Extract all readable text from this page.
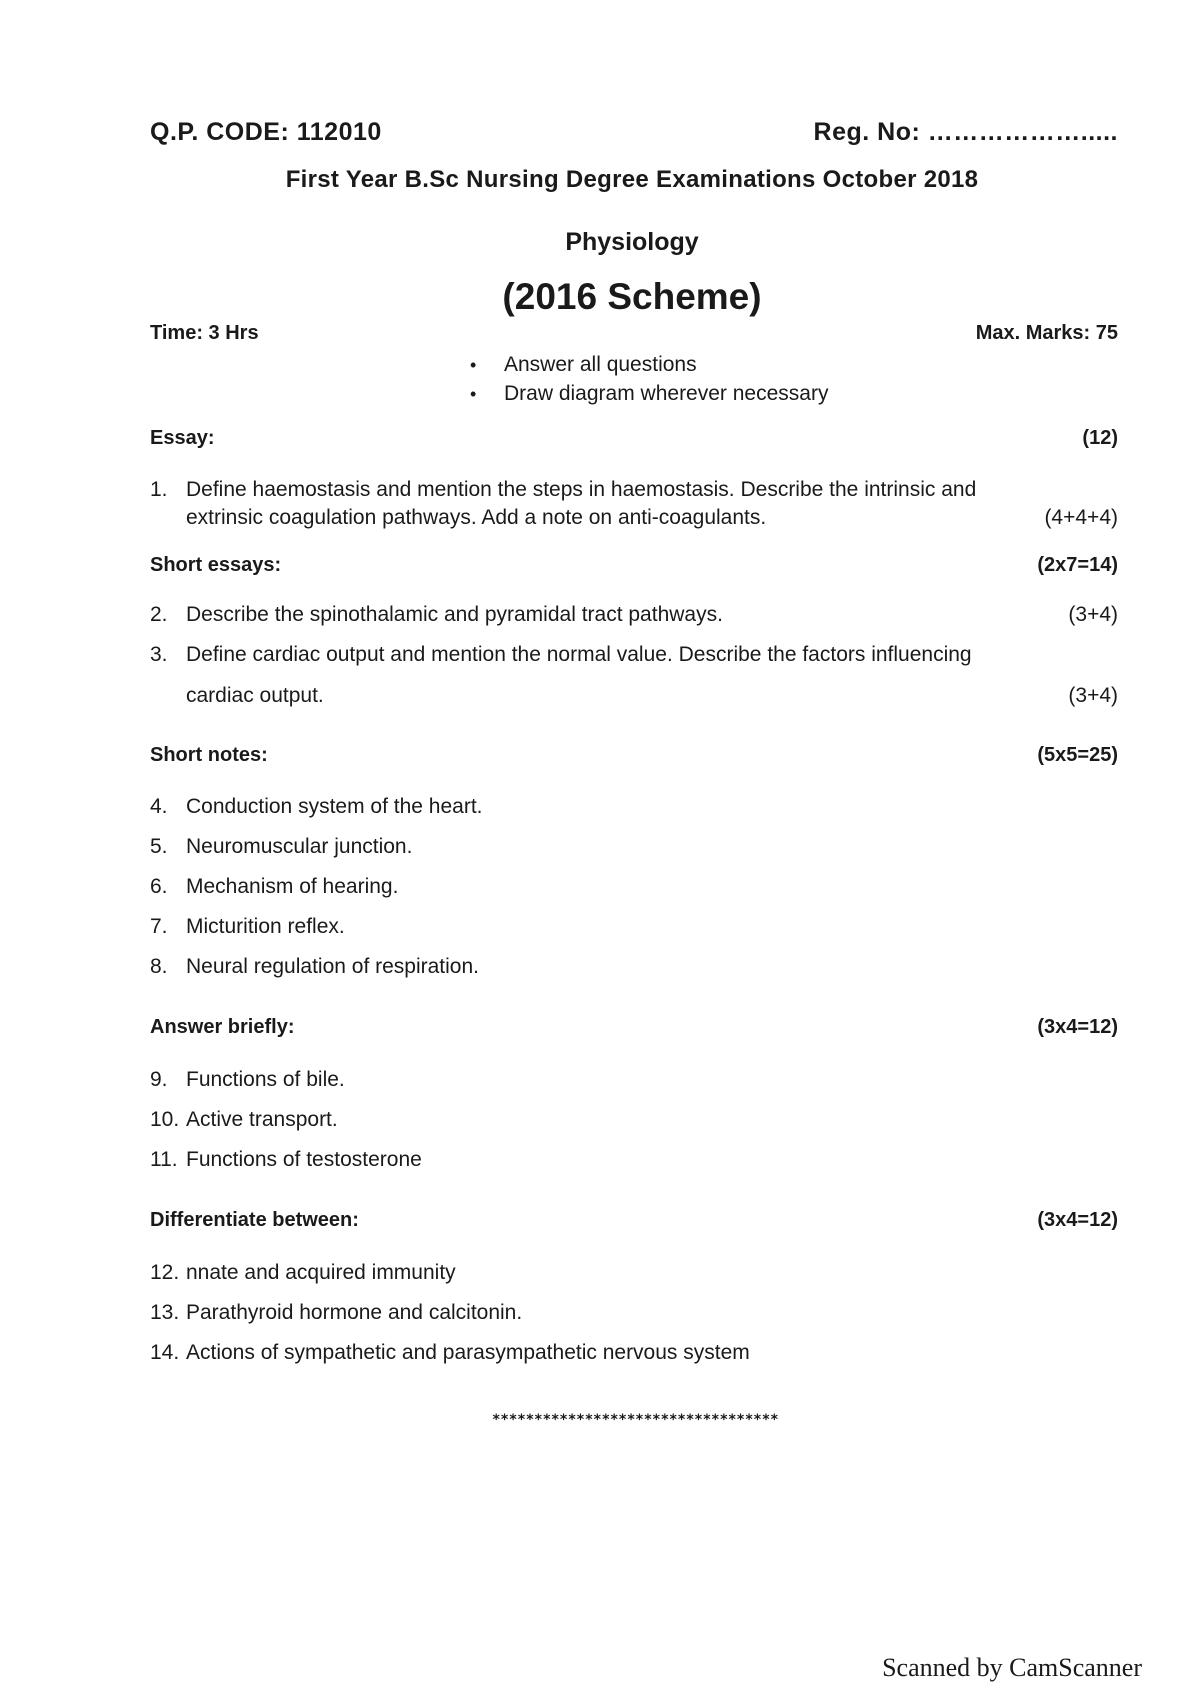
Q.P. CODE: 112010	Reg. No: ……………….....
First Year B.Sc Nursing Degree Examinations October 2018
Physiology
(2016 Scheme)
Time: 3 Hrs	Max. Marks: 75
• Answer all questions
• Draw diagram wherever necessary
Essay:	(12)
1. Define haemostasis and mention the steps in haemostasis. Describe the intrinsic and
extrinsic coagulation pathways. Add a note on anti-coagulants.	(4+4+4)
Short essays:	(2x7=14)
2. Describe the spinothalamic and pyramidal tract pathways.	(3+4)
3. Define cardiac output and mention the normal value. Describe the factors influencing
cardiac output.	(3+4)
Short notes:	(5x5=25)
4. Conduction system of the heart.
5. Neuromuscular junction.
6. Mechanism of hearing.
7. Micturition reflex.
8. Neural regulation of respiration.
Answer briefly:	(3x4=12)
9. Functions of bile.
10. Active transport.
11. Functions of testosterone
Differentiate between:	(3x4=12)
12. nnate and acquired immunity
13. Parathyroid hormone and calcitonin.
14. Actions of sympathetic and parasympathetic nervous system
**********************************
Scanned by CamScanner
